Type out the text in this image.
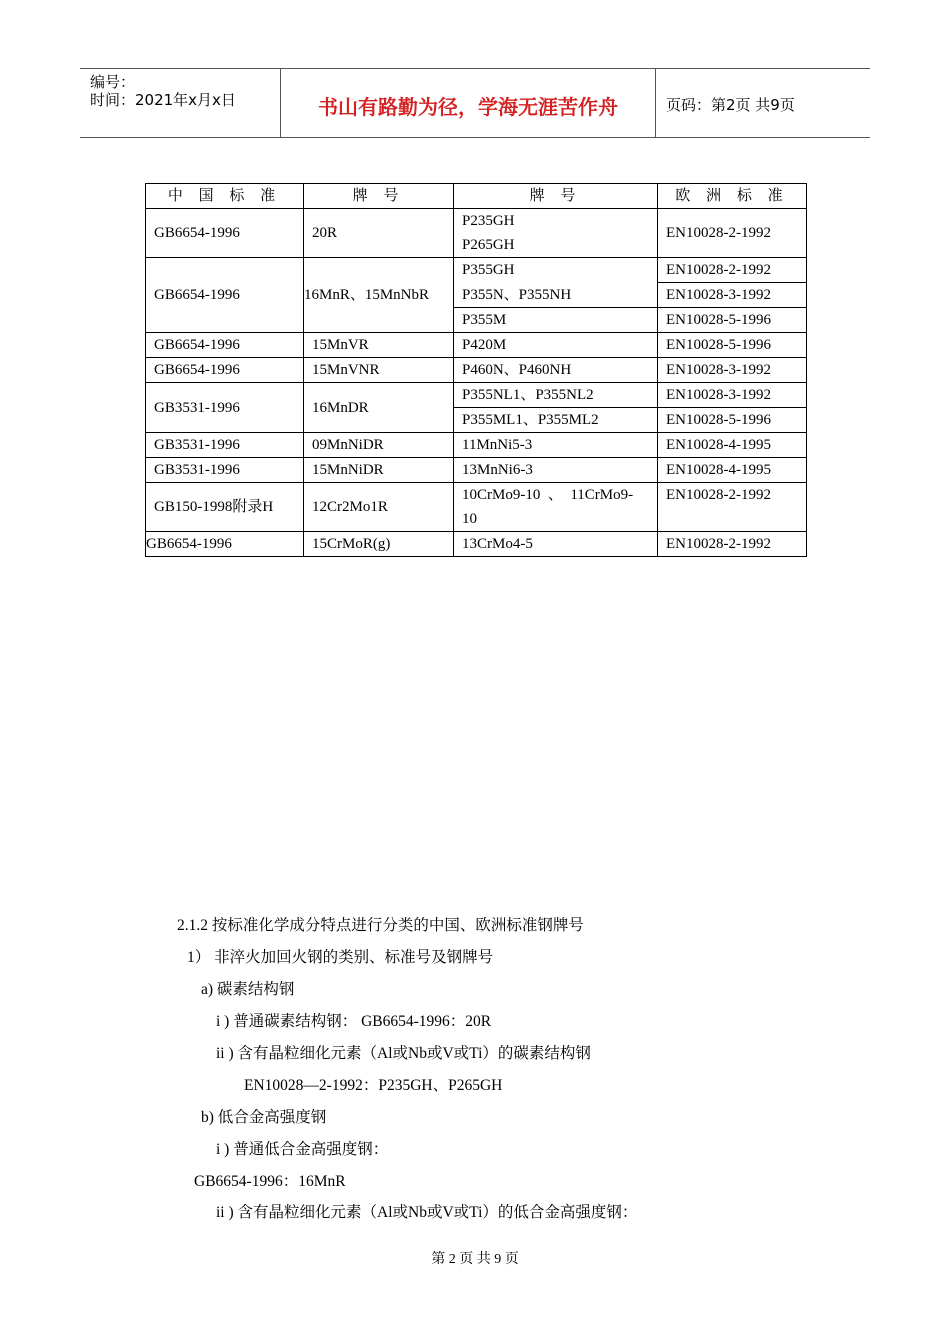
编号：
时间：2021年x月x日	书山有路勤为径，学海无涯苦作舟	页码：第2页 共9页
中 国 标 准	牌 号	牌 号	欧 洲 标 准
GB6654-1996	20R	P235GH	EN10028-2-1992
		P265GH	
GB6654-1996	16MnR、15MnNbR	P355GH	EN10028-2-1992
		P355N、P355NH	EN10028-3-1992
		P355M	EN10028-5-1996
GB6654-1996	15MnVR	P420M	EN10028-5-1996
GB6654-1996	15MnVNR	P460N、P460NH	EN10028-3-1992
GB3531-1996	16MnDR	P355NL1、P355NL2	EN10028-3-1992
		P355ML1、P355ML2	EN10028-5-1996
GB3531-1996	09MnNiDR	11MnNi5-3	EN10028-4-1995
GB3531-1996	15MnNiDR	13MnNi6-3	EN10028-4-1995
GB150-1998附录H	12Cr2Mo1R	10CrMo9-10  、  11CrMo9-	EN10028-2-1992
		10	
GB6654-1996	15CrMoR(g)	13CrMo4-5	EN10028-2-1992
2.1.2 按标准化学成分特点进行分类的中国、欧洲标准钢牌号
1） 非淬火加回火钢的类别、标准号及钢牌号
a) 碳素结构钢
i ) 普通碳素结构钢： GB6654-1996：20R
ii ) 含有晶粒细化元素（Al或Nb或V或Ti）的碳素结构钢
EN10028—2-1992：P235GH、P265GH
b) 低合金高强度钢
i ) 普通低合金高强度钢：
GB6654-1996：16MnR
ii ) 含有晶粒细化元素（Al或Nb或V或Ti）的低合金高强度钢：
第 2 页 共 9 页
